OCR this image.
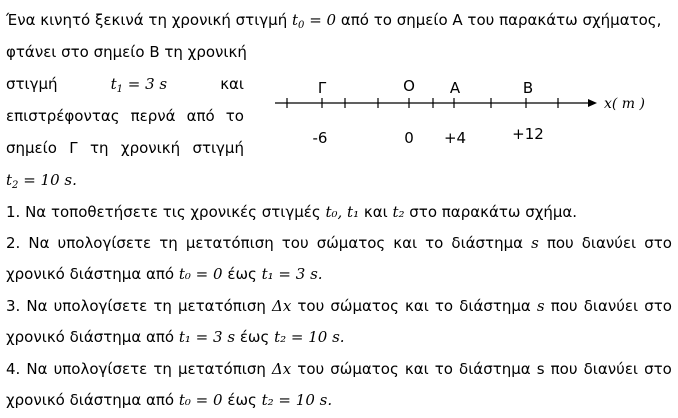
Ένα κινητό ξεκινά τη χρονική στιγμή $t_0 = 0$ από το σημείο Α του παρακάτω σχήματος,
φτάνει στο σημείο Β τη χρονική
στιγμή	$t_1 = 3$ s	και
επιστρέφοντας περνά από το
σημείο Γ τη χρονική στιγμή
$t_2 = 10$ s.
Γ	Ο Α	Β
-6	0 +4	+12
x( m )
1. Να τοποθετήσετε τις χρονικές στιγμές t₀, t₁ και t₂ στο παρακάτω σχήμα.
2. Να υπολογίσετε τη μετατόπιση του σώματος και το διάστημα s που διανύει στο
χρονικό διάστημα από t₀ = 0 έως t₁ = 3 s.
3. Να υπολογίσετε τη μετατόπιση Δx του σώματος και το διάστημα s που διανύει στο
χρονικό διάστημα από t₁ = 3 s έως t₂ = 10 s.
4. Να υπολογίσετε τη μετατόπιση Δx του σώματος και το διάστημα s που διανύει στο
χρονικό διάστημα από t₀ = 0 έως t₂ = 10 s.
